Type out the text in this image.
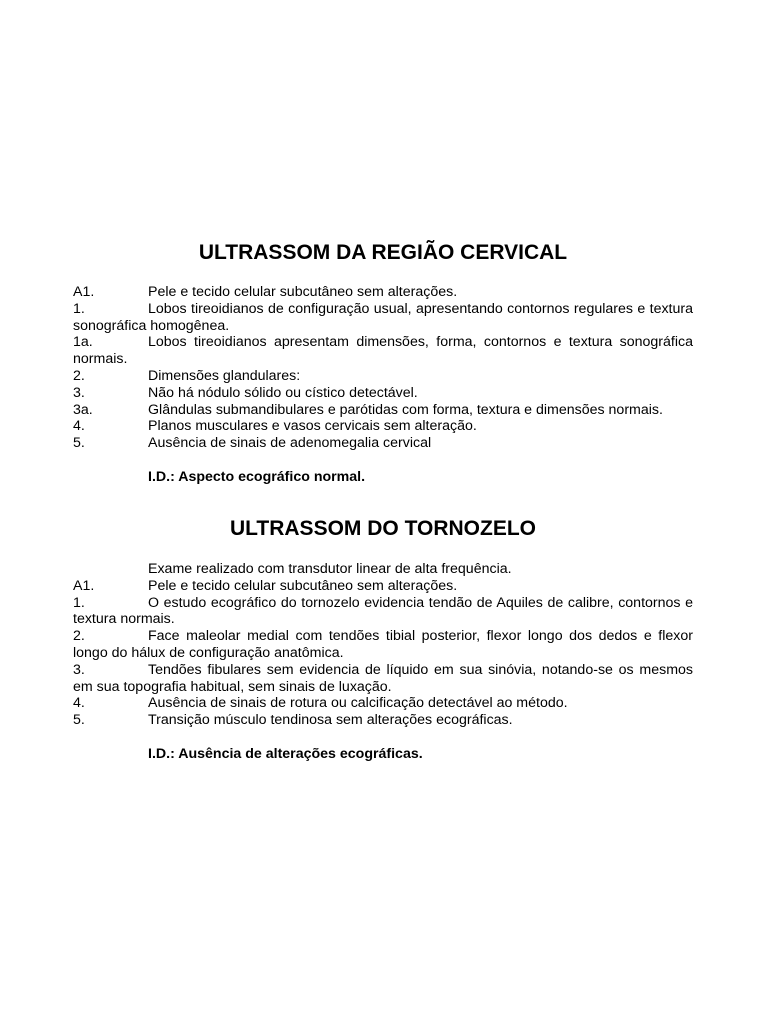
ULTRASSOM DA REGIÃO CERVICAL

A1.	Pele e tecido celular subcutâneo sem alterações.

1.	Lobos tireoidianos de configuração usual, apresentando contornos regulares e textura sonográfica homogênea.

1a.	Lobos tireoidianos apresentam dimensões, forma, contornos e textura sonográfica normais.

2.	Dimensões glandulares:

3.	Não há nódulo sólido ou cístico detectável.

3a.	Glândulas submandibulares e parótidas com forma, textura e dimensões normais.

4.	Planos musculares e vasos cervicais sem alteração.

5.	Ausência de sinais de adenomegalia cervical

I.D.: Aspecto ecográfico normal.

ULTRASSOM DO TORNOZELO

Exame realizado com transdutor linear de alta frequência.

A1.	Pele e tecido celular subcutâneo sem alterações.

1.	O estudo ecográfico do tornozelo evidencia tendão de Aquiles de calibre, contornos e textura normais.

2.	Face maleolar medial com tendões tibial posterior, flexor longo dos dedos e flexor longo do hálux de configuração anatômica.

3.	Tendões fibulares sem evidencia de líquido em sua sinóvia, notando-se os mesmos em sua topografia habitual, sem sinais de luxação.

4.	Ausência de sinais de rotura ou calcificação detectável ao método.

5.	Transição músculo tendinosa sem alterações ecográficas.

I.D.: Ausência de alterações ecográficas.
